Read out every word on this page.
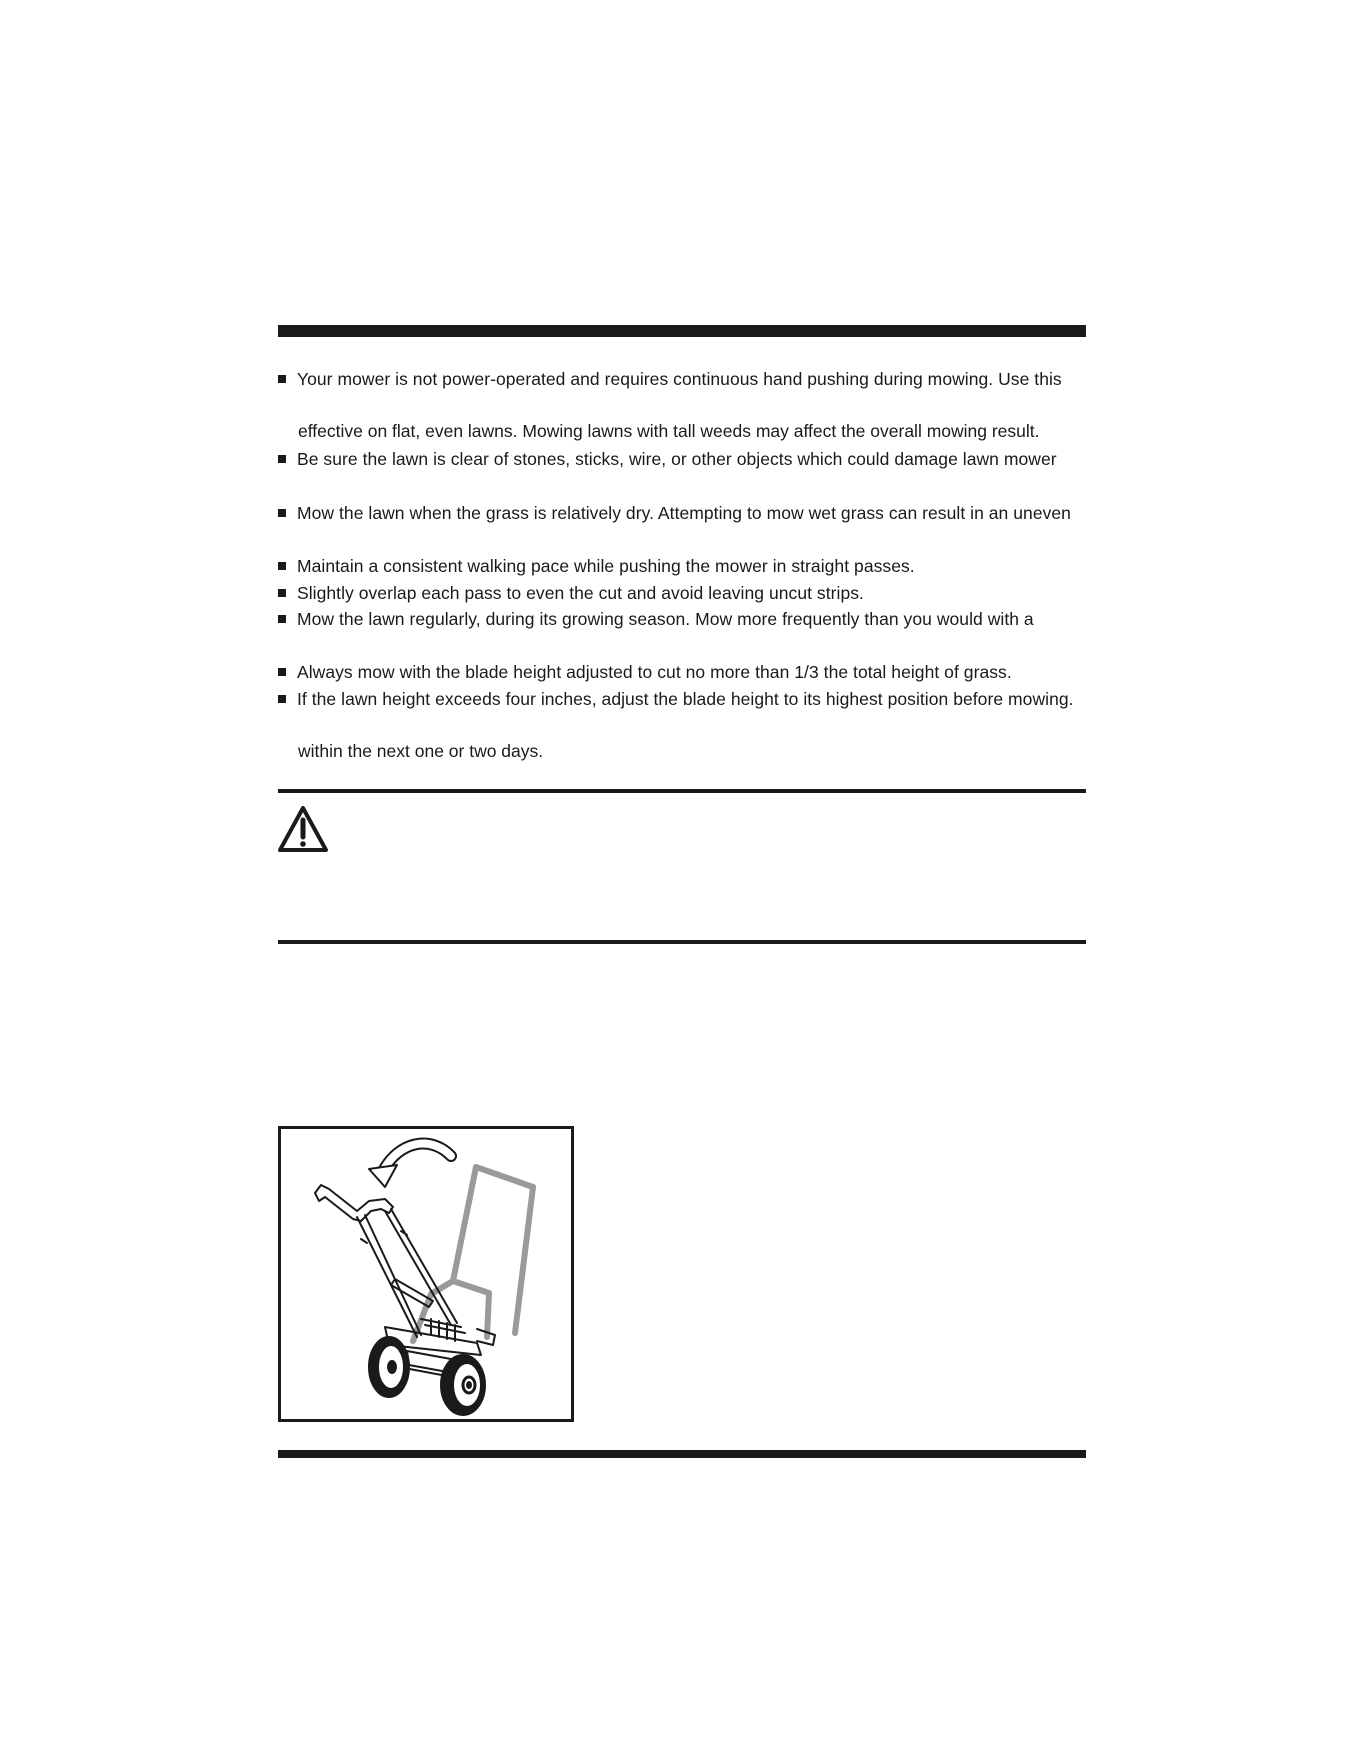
Your mower is not power-operated and requires continuous hand pushing during mowing. Use this
effective on flat, even lawns. Mowing lawns with tall weeds may affect the overall mowing result.
Be sure the lawn is clear of stones, sticks, wire, or other objects which could damage lawn mower
Mow the lawn when the grass is relatively dry. Attempting to mow wet grass can result in an uneven
Maintain a consistent walking pace while pushing the mower in straight passes.
Slightly overlap each pass to even the cut and avoid leaving uncut strips.
Mow the lawn regularly, during its growing season. Mow more frequently than you would with a
Always mow with the blade height adjusted to cut no more than 1/3 the total height of grass.
If the lawn height exceeds four inches, adjust the blade height to its highest position before mowing.
within the next one or two days.
